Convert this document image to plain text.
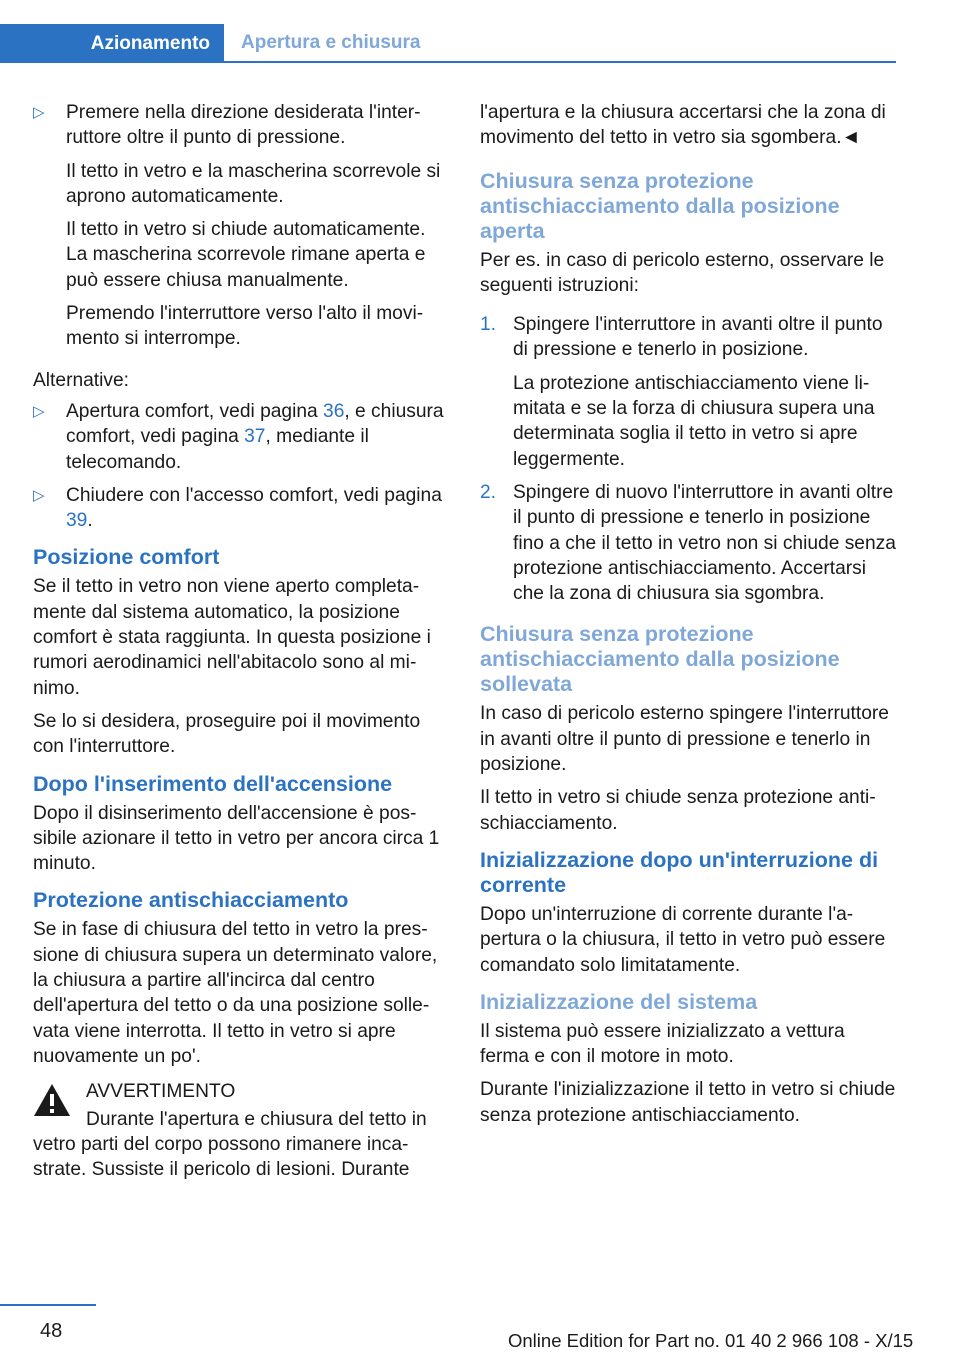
Azionamento Apertura e chiusura
▷ Premere nella direzione desiderata l'interruttore oltre il punto di pressione.

Il tetto in vetro e la mascherina scorrevole si aprono automaticamente.

Il tetto in vetro si chiude automaticamente. La mascherina scorrevole rimane aperta e può essere chiusa manualmente.

Premendo l'interruttore verso l'alto il movimento si interrompe.

Alternative:

▷ Apertura comfort, vedi pagina 36, e chiusura comfort, vedi pagina 37, mediante il telecomando.

▷ Chiudere con l'accesso comfort, vedi pagina 39.

Posizione comfort

Se il tetto in vetro non viene aperto completamente dal sistema automatico, la posizione comfort è stata raggiunta. In questa posizione i rumori aerodinamici nell'abitacolo sono al minimo.

Se lo si desidera, proseguire poi il movimento con l'interruttore.

Dopo l'inserimento dell'accensione

Dopo il disinserimento dell'accensione è possibile azionare il tetto in vetro per ancora circa 1 minuto.

Protezione antischiacciamento

Se in fase di chiusura del tetto in vetro la pressione di chiusura supera un determinato valore, la chiusura a partire all'incirca dal centro dell'apertura del tetto o da una posizione sollevata viene interrotta. Il tetto in vetro si apre nuovamente un po'.

AVVERTIMENTO

Durante l'apertura e chiusura del tetto in

vetro parti del corpo possono rimanere incastrate. Sussiste il pericolo di lesioni. Durante

l'apertura e la chiusura accertarsi che la zona di movimento del tetto in vetro sia sgombera.◄

Chiusura senza protezione antischiacciamento dalla posizione aperta

Per es. in caso di pericolo esterno, osservare le seguenti istruzioni:

1. Spingere l'interruttore in avanti oltre il punto di pressione e tenerlo in posizione.

La protezione antischiacciamento viene limitata e se la forza di chiusura supera una determinata soglia il tetto in vetro si apre leggermente.

2. Spingere di nuovo l'interruttore in avanti oltre il punto di pressione e tenerlo in posizione fino a che il tetto in vetro non si chiude senza protezione antischiacciamento. Accertarsi che la zona di chiusura sia sgombra.

Chiusura senza protezione antischiacciamento dalla posizione sollevata

In caso di pericolo esterno spingere l'interruttore in avanti oltre il punto di pressione e tenerlo in posizione.

Il tetto in vetro si chiude senza protezione antischiacciamento.

Inizializzazione dopo un'interruzione di corrente

Dopo un'interruzione di corrente durante l'apertura o la chiusura, il tetto in vetro può essere comandato solo limitatamente.

Inizializzazione del sistema

Il sistema può essere inizializzato a vettura ferma e con il motore in moto.

Durante l'inizializzazione il tetto in vetro si chiude senza protezione antischiacciamento.

48	Online Edition for Part no. 01 40 2 966 108 - X/15
